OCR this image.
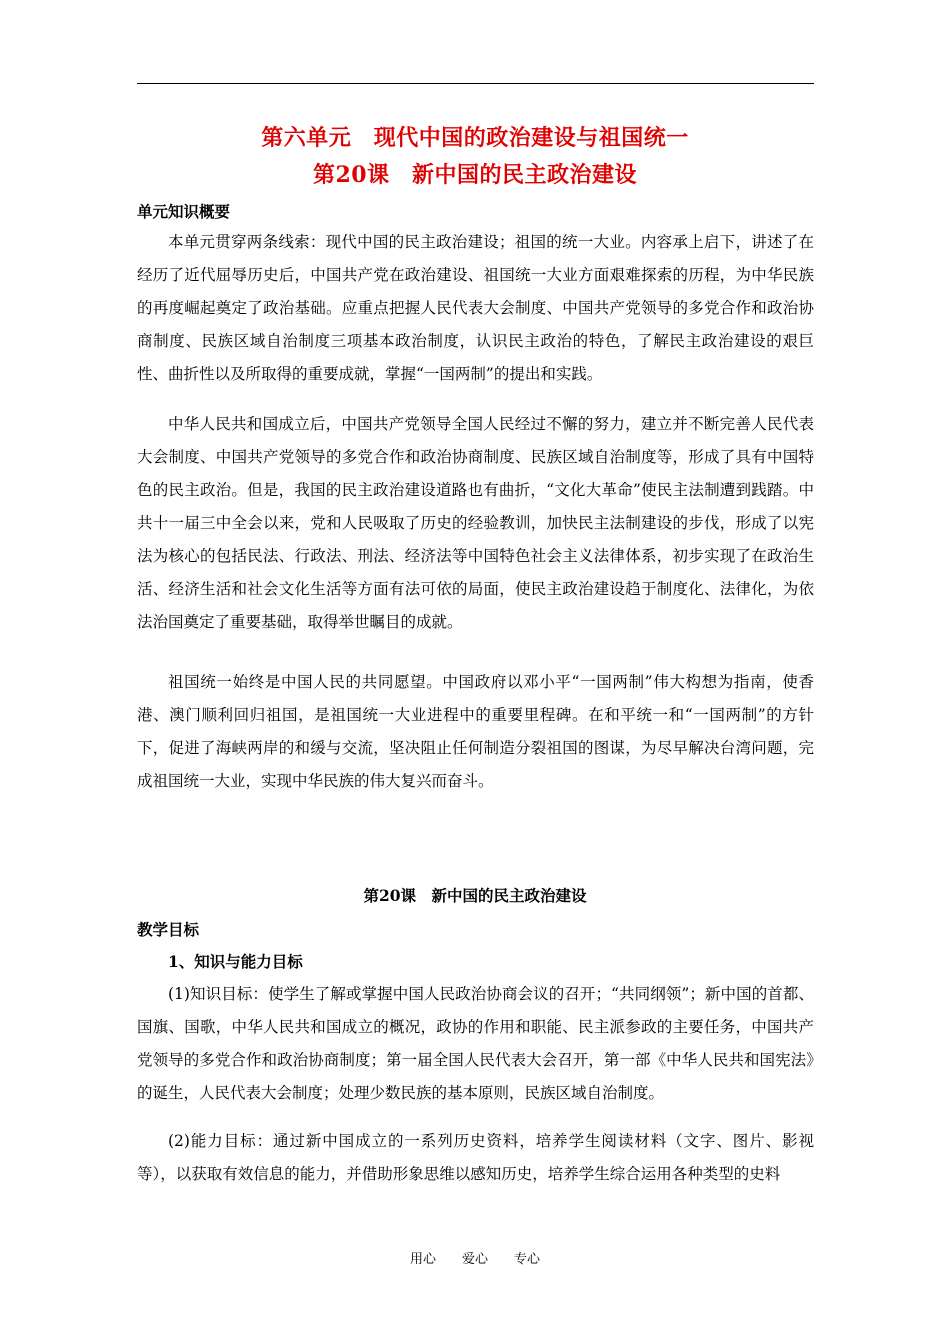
第六单元　现代中国的政治建设与祖国统一
第20课　新中国的民主政治建设
单元知识概要

本单元贯穿两条线索：现代中国的民主政治建设；祖国的统一大业。内容承上启下，讲述了在经历了近代屈辱历史后，中国共产党在政治建设、祖国统一大业方面艰难探索的历程，为中华民族的再度崛起奠定了政治基础。应重点把握人民代表大会制度、中国共产党领导的多党合作和政治协商制度、民族区域自治制度三项基本政治制度，认识民主政治的特色，了解民主政治建设的艰巨性、曲折性以及所取得的重要成就，掌握“一国两制”的提出和实践。

中华人民共和国成立后，中国共产党领导全国人民经过不懈的努力，建立并不断完善人民代表大会制度、中国共产党领导的多党合作和政治协商制度、民族区域自治制度等，形成了具有中国特色的民主政治。但是，我国的民主政治建设道路也有曲折，“文化大革命”使民主法制遭到践踏。中共十一届三中全会以来，党和人民吸取了历史的经验教训，加快民主法制建设的步伐，形成了以宪法为核心的包括民法、行政法、刑法、经济法等中国特色社会主义法律体系，初步实现了在政治生活、经济生活和社会文化生活等方面有法可依的局面，使民主政治建设趋于制度化、法律化，为依法治国奠定了重要基础，取得举世瞩目的成就。

祖国统一始终是中国人民的共同愿望。中国政府以邓小平“一国两制”伟大构想为指南，使香港、澳门顺利回归祖国，是祖国统一大业进程中的重要里程碑。在和平统一和“一国两制”的方针下，促进了海峡两岸的和缓与交流，坚决阻止任何制造分裂祖国的图谋，为尽早解决台湾问题，完成祖国统一大业，实现中华民族的伟大复兴而奋斗。

第20课　新中国的民主政治建设
教学目标
1、知识与能力目标

(1)知识目标：使学生了解或掌握中国人民政治协商会议的召开；“共同纲领”；新中国的首都、国旗、国歌，中华人民共和国成立的概况，政协的作用和职能、民主派参政的主要任务，中国共产党领导的多党合作和政治协商制度；第一届全国人民代表大会召开，第一部《中华人民共和国宪法》的诞生，人民代表大会制度；处理少数民族的基本原则，民族区域自治制度。

(2)能力目标：通过新中国成立的一系列历史资料，培养学生阅读材料（文字、图片、影视等），以获取有效信息的能力，并借助形象思维以感知历史，培养学生综合运用各种类型的史料

用心　　爱心　　专心
